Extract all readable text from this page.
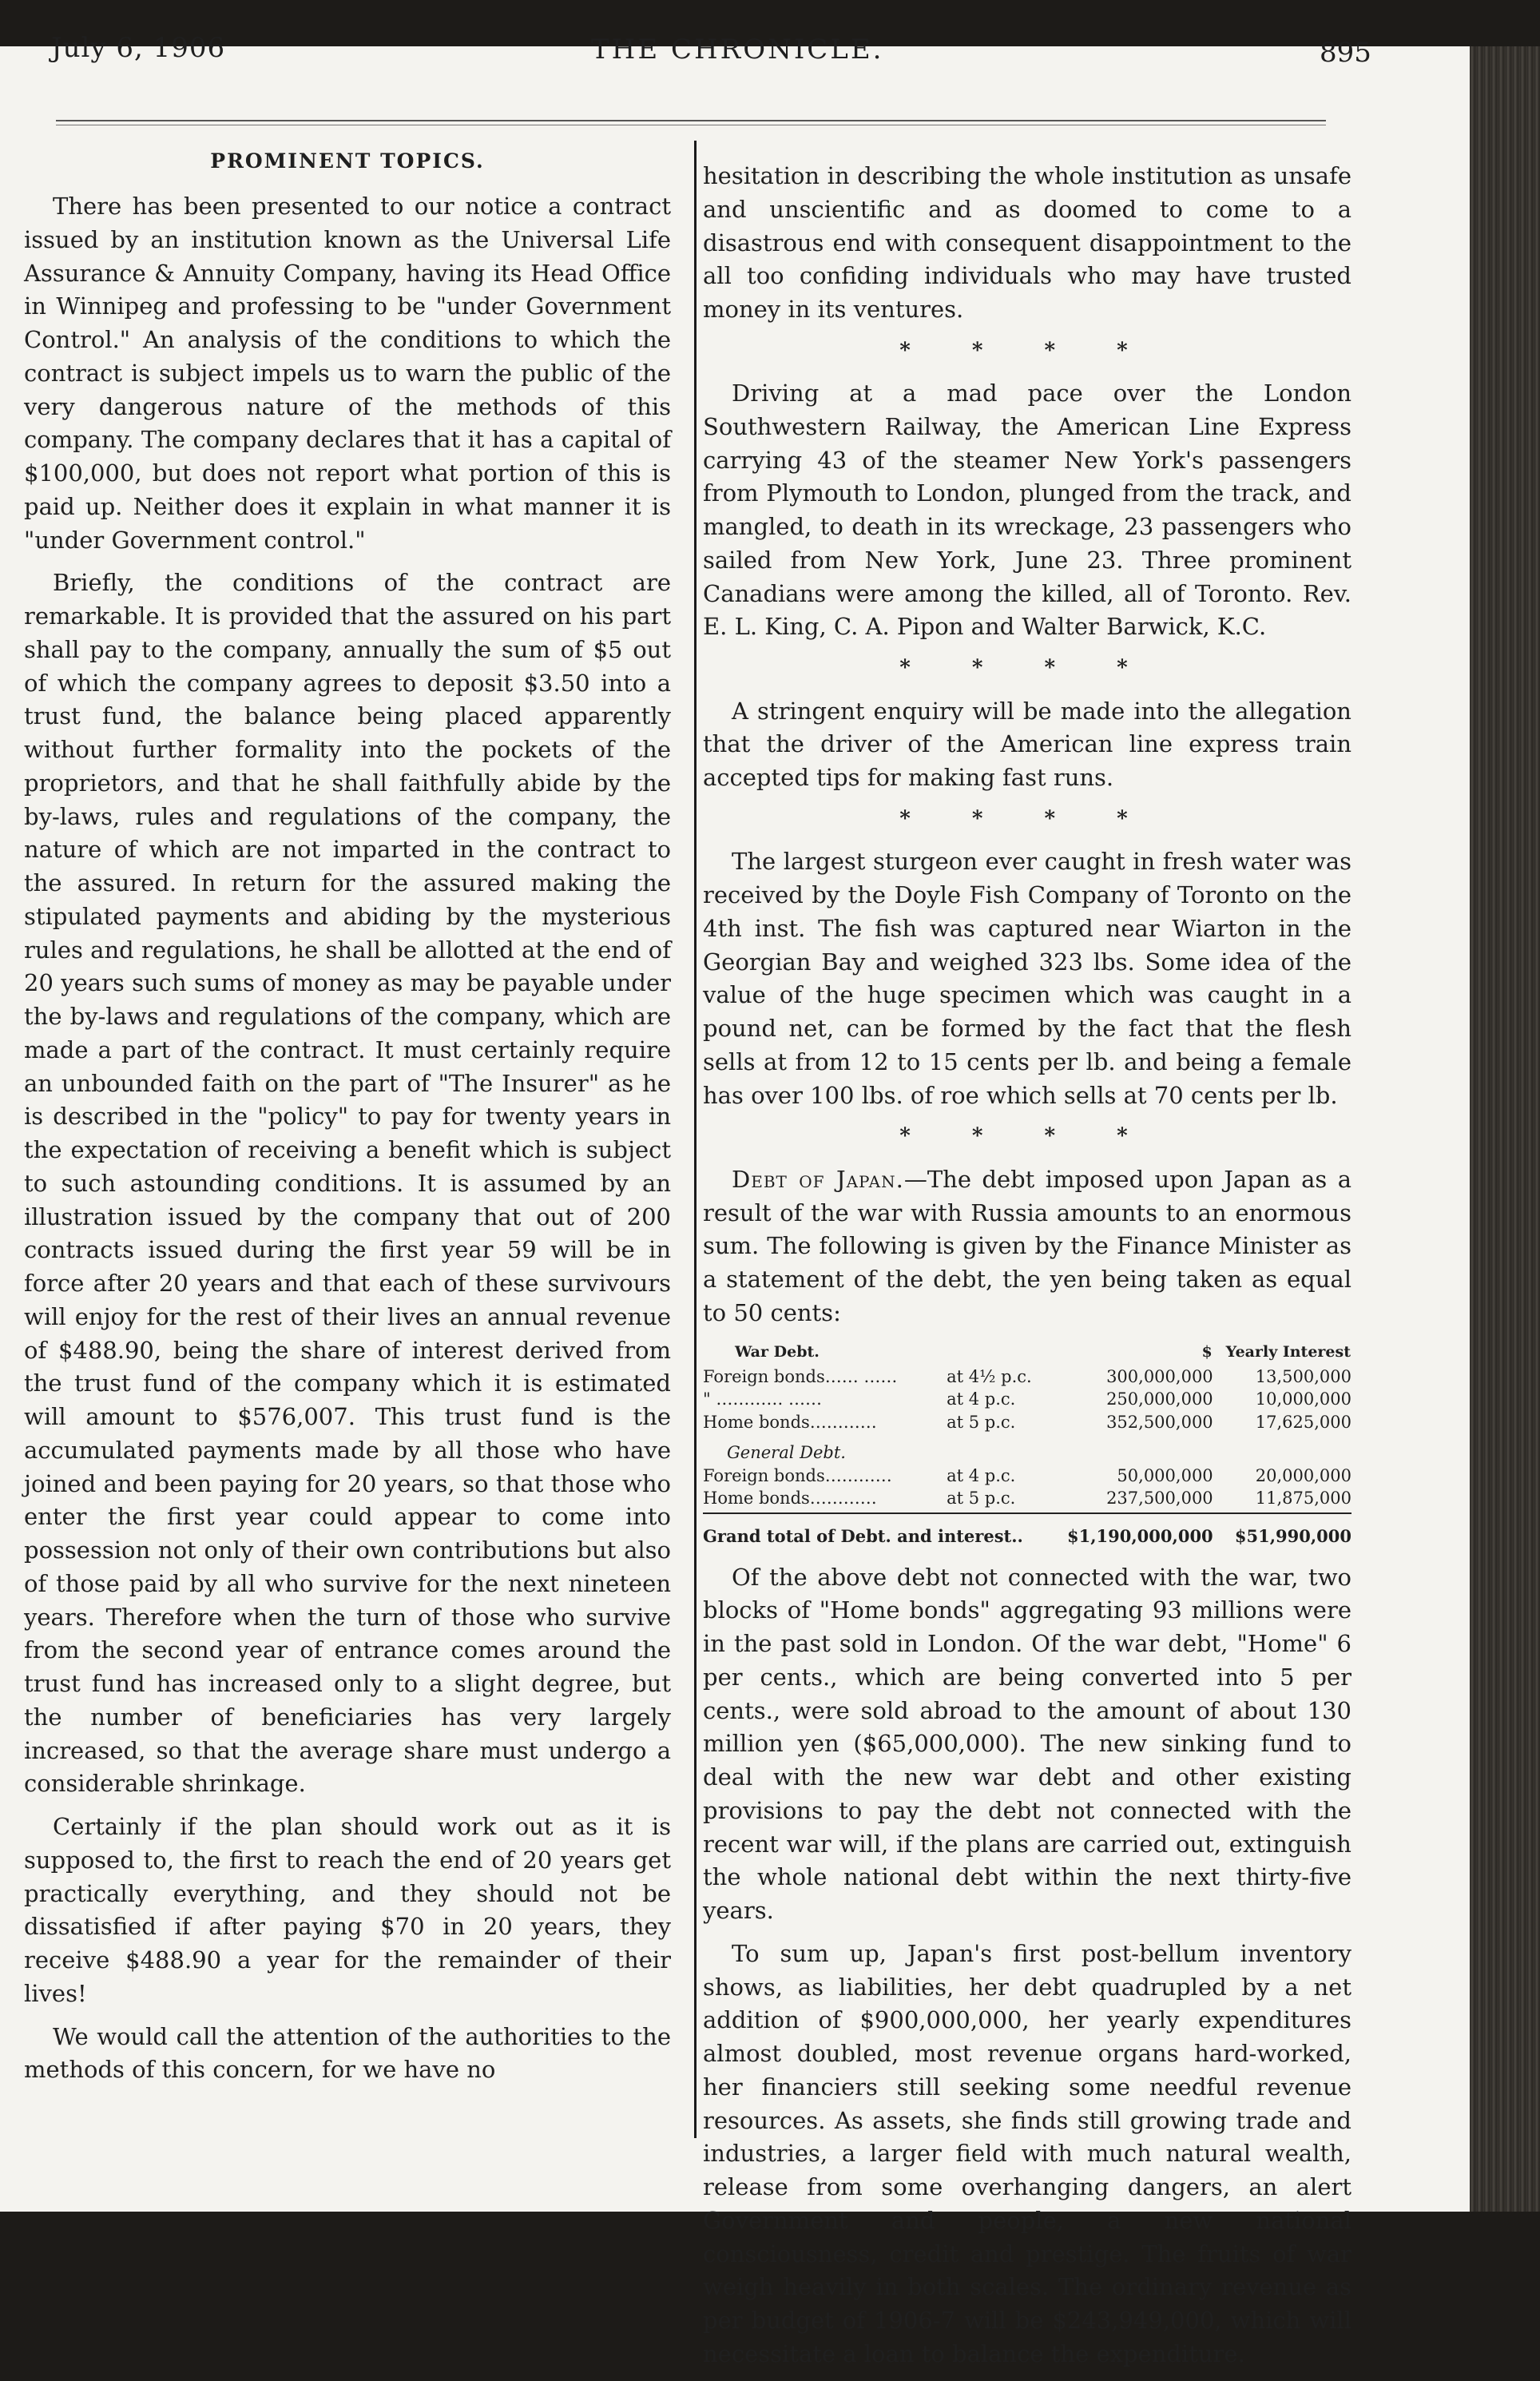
July 6, 1906	THE CHRONICLE.	895
PROMINENT TOPICS.

There has been presented to our notice a contract issued by an institution known as the Universal Life Assurance & Annuity Company, having its Head Office in Winnipeg and professing to be "under Government Control." An analysis of the conditions to which the contract is subject impels us to warn the public of the very dangerous nature of the methods of this company. The company declares that it has a capital of $100,000, but does not report what portion of this is paid up. Neither does it explain in what manner it is "under Government control."

Briefly, the conditions of the contract are remarkable. It is provided that the assured on his part shall pay to the company, annually the sum of $5 out of which the company agrees to deposit $3.50 into a trust fund, the balance being placed apparently without further formality into the pockets of the proprietors, and that he shall faithfully abide by the by-laws, rules and regulations of the company, the nature of which are not imparted in the contract to the assured. In return for the assured making the stipulated payments and abiding by the mysterious rules and regulations, he shall be allotted at the end of 20 years such sums of money as may be payable under the by-laws and regulations of the company, which are made a part of the contract. It must certainly require an unbounded faith on the part of "The Insurer" as he is described in the "policy" to pay for twenty years in the expectation of receiving a benefit which is subject to such astounding conditions. It is assumed by an illustration issued by the company that out of 200 contracts issued during the first year 59 will be in force after 20 years and that each of these survivours will enjoy for the rest of their lives an annual revenue of $488.90, being the share of interest derived from the trust fund of the company which it is estimated will amount to $576,007. This trust fund is the accumulated payments made by all those who have joined and been paying for 20 years, so that those who enter the first year could appear to come into possession not only of their own contributions but also of those paid by all who survive for the next nineteen years. Therefore when the turn of those who survive from the second year of entrance comes around the trust fund has increased only to a slight degree, but the number of beneficiaries has very largely increased, so that the average share must undergo a considerable shrinkage.

Certainly if the plan should work out as it is supposed to, the first to reach the end of 20 years get practically everything, and they should not be dissatisfied if after paying $70 in 20 years, they receive $488.90 a year for the remainder of their lives!

We would call the attention of the authorities to the methods of this concern, for we have no

hesitation in describing the whole institution as unsafe and unscientific and as doomed to come to a disastrous end with consequent disappointment to the all too confiding individuals who may have trusted money in its ventures.

* * * *

Driving at a mad pace over the London Southwestern Railway, the American Line Express carrying 43 of the steamer New York's passengers from Plymouth to London, plunged from the track, and mangled, to death in its wreckage, 23 passengers who sailed from New York, June 23. Three prominent Canadians were among the killed, all of Toronto. Rev. E. L. King, C. A. Pipon and Walter Barwick, K.C.

* * * *

A stringent enquiry will be made into the allegation that the driver of the American line express train accepted tips for making fast runs.

* * * *

The largest sturgeon ever caught in fresh water was received by the Doyle Fish Company of Toronto on the 4th inst. The fish was captured near Wiarton in the Georgian Bay and weighed 323 lbs. Some idea of the value of the huge specimen which was caught in a pound net, can be formed by the fact that the flesh sells at from 12 to 15 cents per lb. and being a female has over 100 lbs. of roe which sells at 70 cents per lb.

* * * *

Debt of Japan.—The debt imposed upon Japan as a result of the war with Russia amounts to an enormous sum. The following is given by the Finance Minister as a statement of the debt, the yen being taken as equal to 50 cents:

War Debt.		$	Yearly Interest
Foreign bonds…… ……	at 4½ p.c.	300,000,000	13,500,000
" ………… ……	at 4 p.c.	250,000,000	10,000,000
Home bonds…………	at 5 p.c.	352,500,000	17,625,000
General Debt.			
Foreign bonds…………	at 4 p.c.	50,000,000	20,000,000
Home bonds…………	at 5 p.c.	237,500,000	11,875,000

Grand total of Debt. and interest..		$1,190,000,000	$51,990,000

Of the above debt not connected with the war, two blocks of "Home bonds" aggregating 93 millions were in the past sold in London. Of the war debt, "Home" 6 per cents., which are being converted into 5 per cents., were sold abroad to the amount of about 130 million yen ($65,000,000). The new sinking fund to deal with the new war debt and other existing provisions to pay the debt not connected with the recent war will, if the plans are carried out, extinguish the whole national debt within the next thirty-five years.

To sum up, Japan's first post-bellum inventory shows, as liabilities, her debt quadrupled by a net addition of $900,000,000, her yearly expenditures almost doubled, most revenue organs hard-worked, her financiers still seeking some needful revenue resources. As assets, she finds still growing trade and industries, a larger field with much natural wealth, release from some overhanging dangers, an alert Government and people, a new national consciousness, credit and prestige. The fruits of war weigh heavily in both scales. The ordinary revenue as per budget of 1906-7 will be $243,949,000, which will necessitate a loan to balance the expenditure.
